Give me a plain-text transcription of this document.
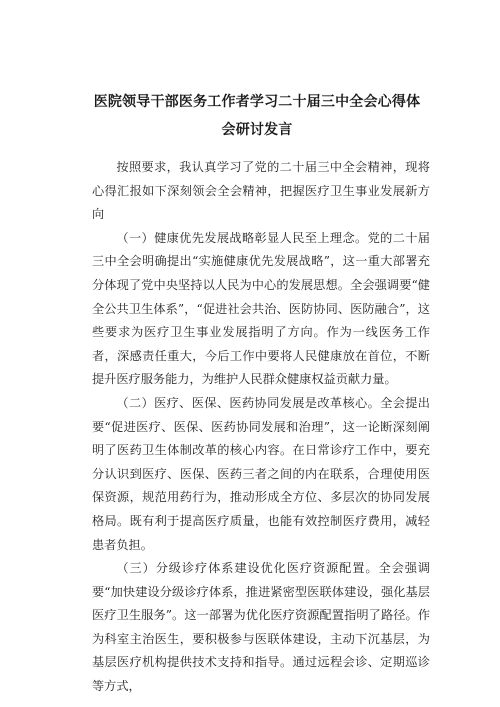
医院领导干部医务工作者学习二十届三中全会心得体会研讨发言

按照要求，我认真学习了党的二十届三中全会精神，现将心得汇报如下深刻领会全会精神，把握医疗卫生事业发展新方向

（一）健康优先发展战略彰显人民至上理念。党的二十届三中全会明确提出“实施健康优先发展战略”，这一重大部署充分体现了党中央坚持以人民为中心的发展思想。全会强调要“健全公共卫生体系”，“促进社会共治、医防协同、医防融合”，这些要求为医疗卫生事业发展指明了方向。作为一线医务工作者，深感责任重大，今后工作中要将人民健康放在首位，不断提升医疗服务能力，为维护人民群众健康权益贡献力量。

（二）医疗、医保、医药协同发展是改革核心。全会提出要“促进医疗、医保、医药协同发展和治理”，这一论断深刻阐明了医药卫生体制改革的核心内容。在日常诊疗工作中，要充分认识到医疗、医保、医药三者之间的内在联系，合理使用医保资源，规范用药行为，推动形成全方位、多层次的协同发展格局。既有利于提高医疗质量，也能有效控制医疗费用，减轻患者负担。

（三）分级诊疗体系建设优化医疗资源配置。全会强调要“加快建设分级诊疗体系，推进紧密型医联体建设，强化基层医疗卫生服务”。这一部署为优化医疗资源配置指明了路径。作为科室主治医生，要积极参与医联体建设，主动下沉基层，为基层医疗机构提供技术支持和指导。通过远程会诊、定期巡诊等方式，
